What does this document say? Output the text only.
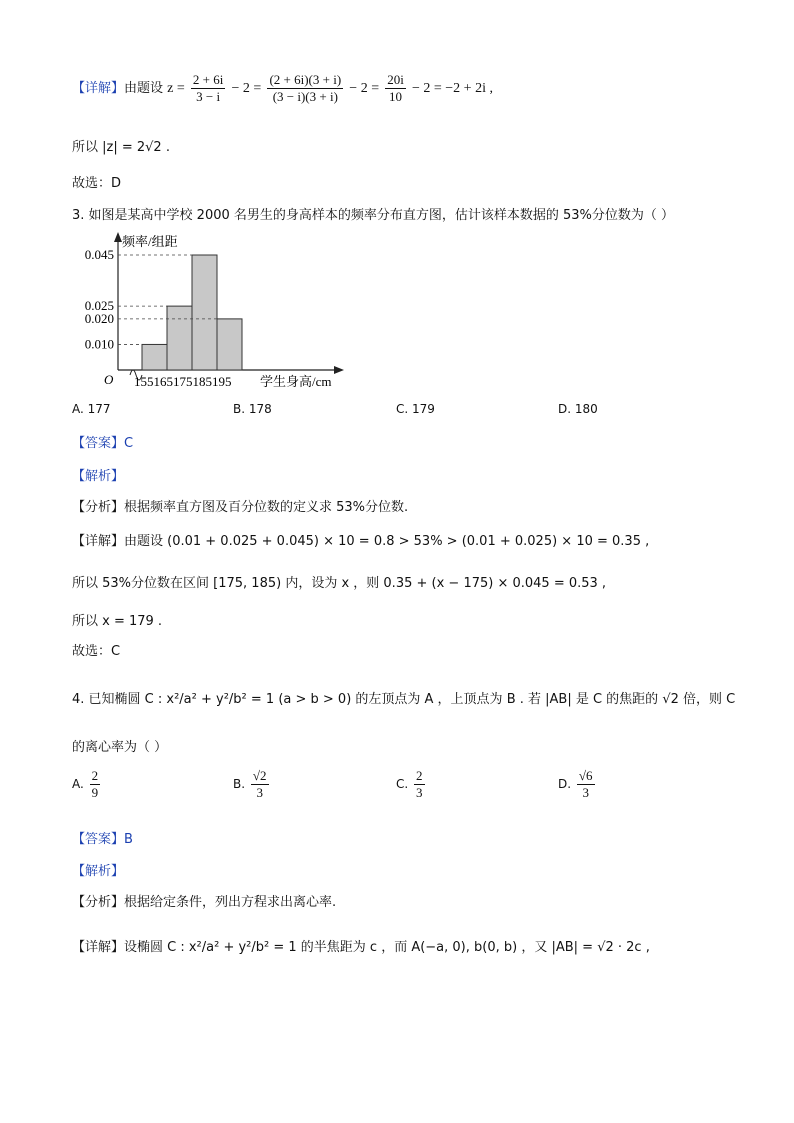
【详解】由题设 $z = \frac{2 + 6i}{3 - i} - 2 = \frac{(2 + 6i)(3 + i)}{(3 - i)(3 + i)} - 2 = \frac{20i}{10} - 2 = -2 + 2i$ ,
所以 |z| = 2√2 .
故选：D
3. 如图是某高中学校 2000 名男生的身高样本的频率分布直方图，估计该样本数据的 53%分位数为（ ）
0.045
0.025
0.020
0.010
频率/组距
O 155165175185195 学生身高/cm
A. 177	B. 178	C. 179	D. 180
【答案】C
【解析】
【分析】根据频率直方图及百分位数的定义求 53%分位数.
【详解】由题设 (0.01 + 0.025 + 0.045) × 10 = 0.8 > 53% > (0.01 + 0.025) × 10 = 0.35 ,
所以 53%分位数在区间 [175, 185) 内，设为 x ，则 0.35 + (x − 175) × 0.045 = 0.53 ,
所以 x = 179 .
故选：C
4. 已知椭圆 C : x²/a² + y²/b² = 1 (a > b > 0) 的左顶点为 A ，上顶点为 B . 若 |AB| 是 C 的焦距的 √2 倍，则 C
的离心率为（ ）
A. $\frac{2}{9}$	B. $\frac{√2}{3}$	C. $\frac{2}{3}$	D. $\frac{√6}{3}$
【答案】B
【解析】
【分析】根据给定条件，列出方程求出离心率.
【详解】设椭圆 C : x²/a² + y²/b² = 1 的半焦距为 c ，而 A(−a, 0), b(0, b) ，又 |AB| = √2 · 2c ,
